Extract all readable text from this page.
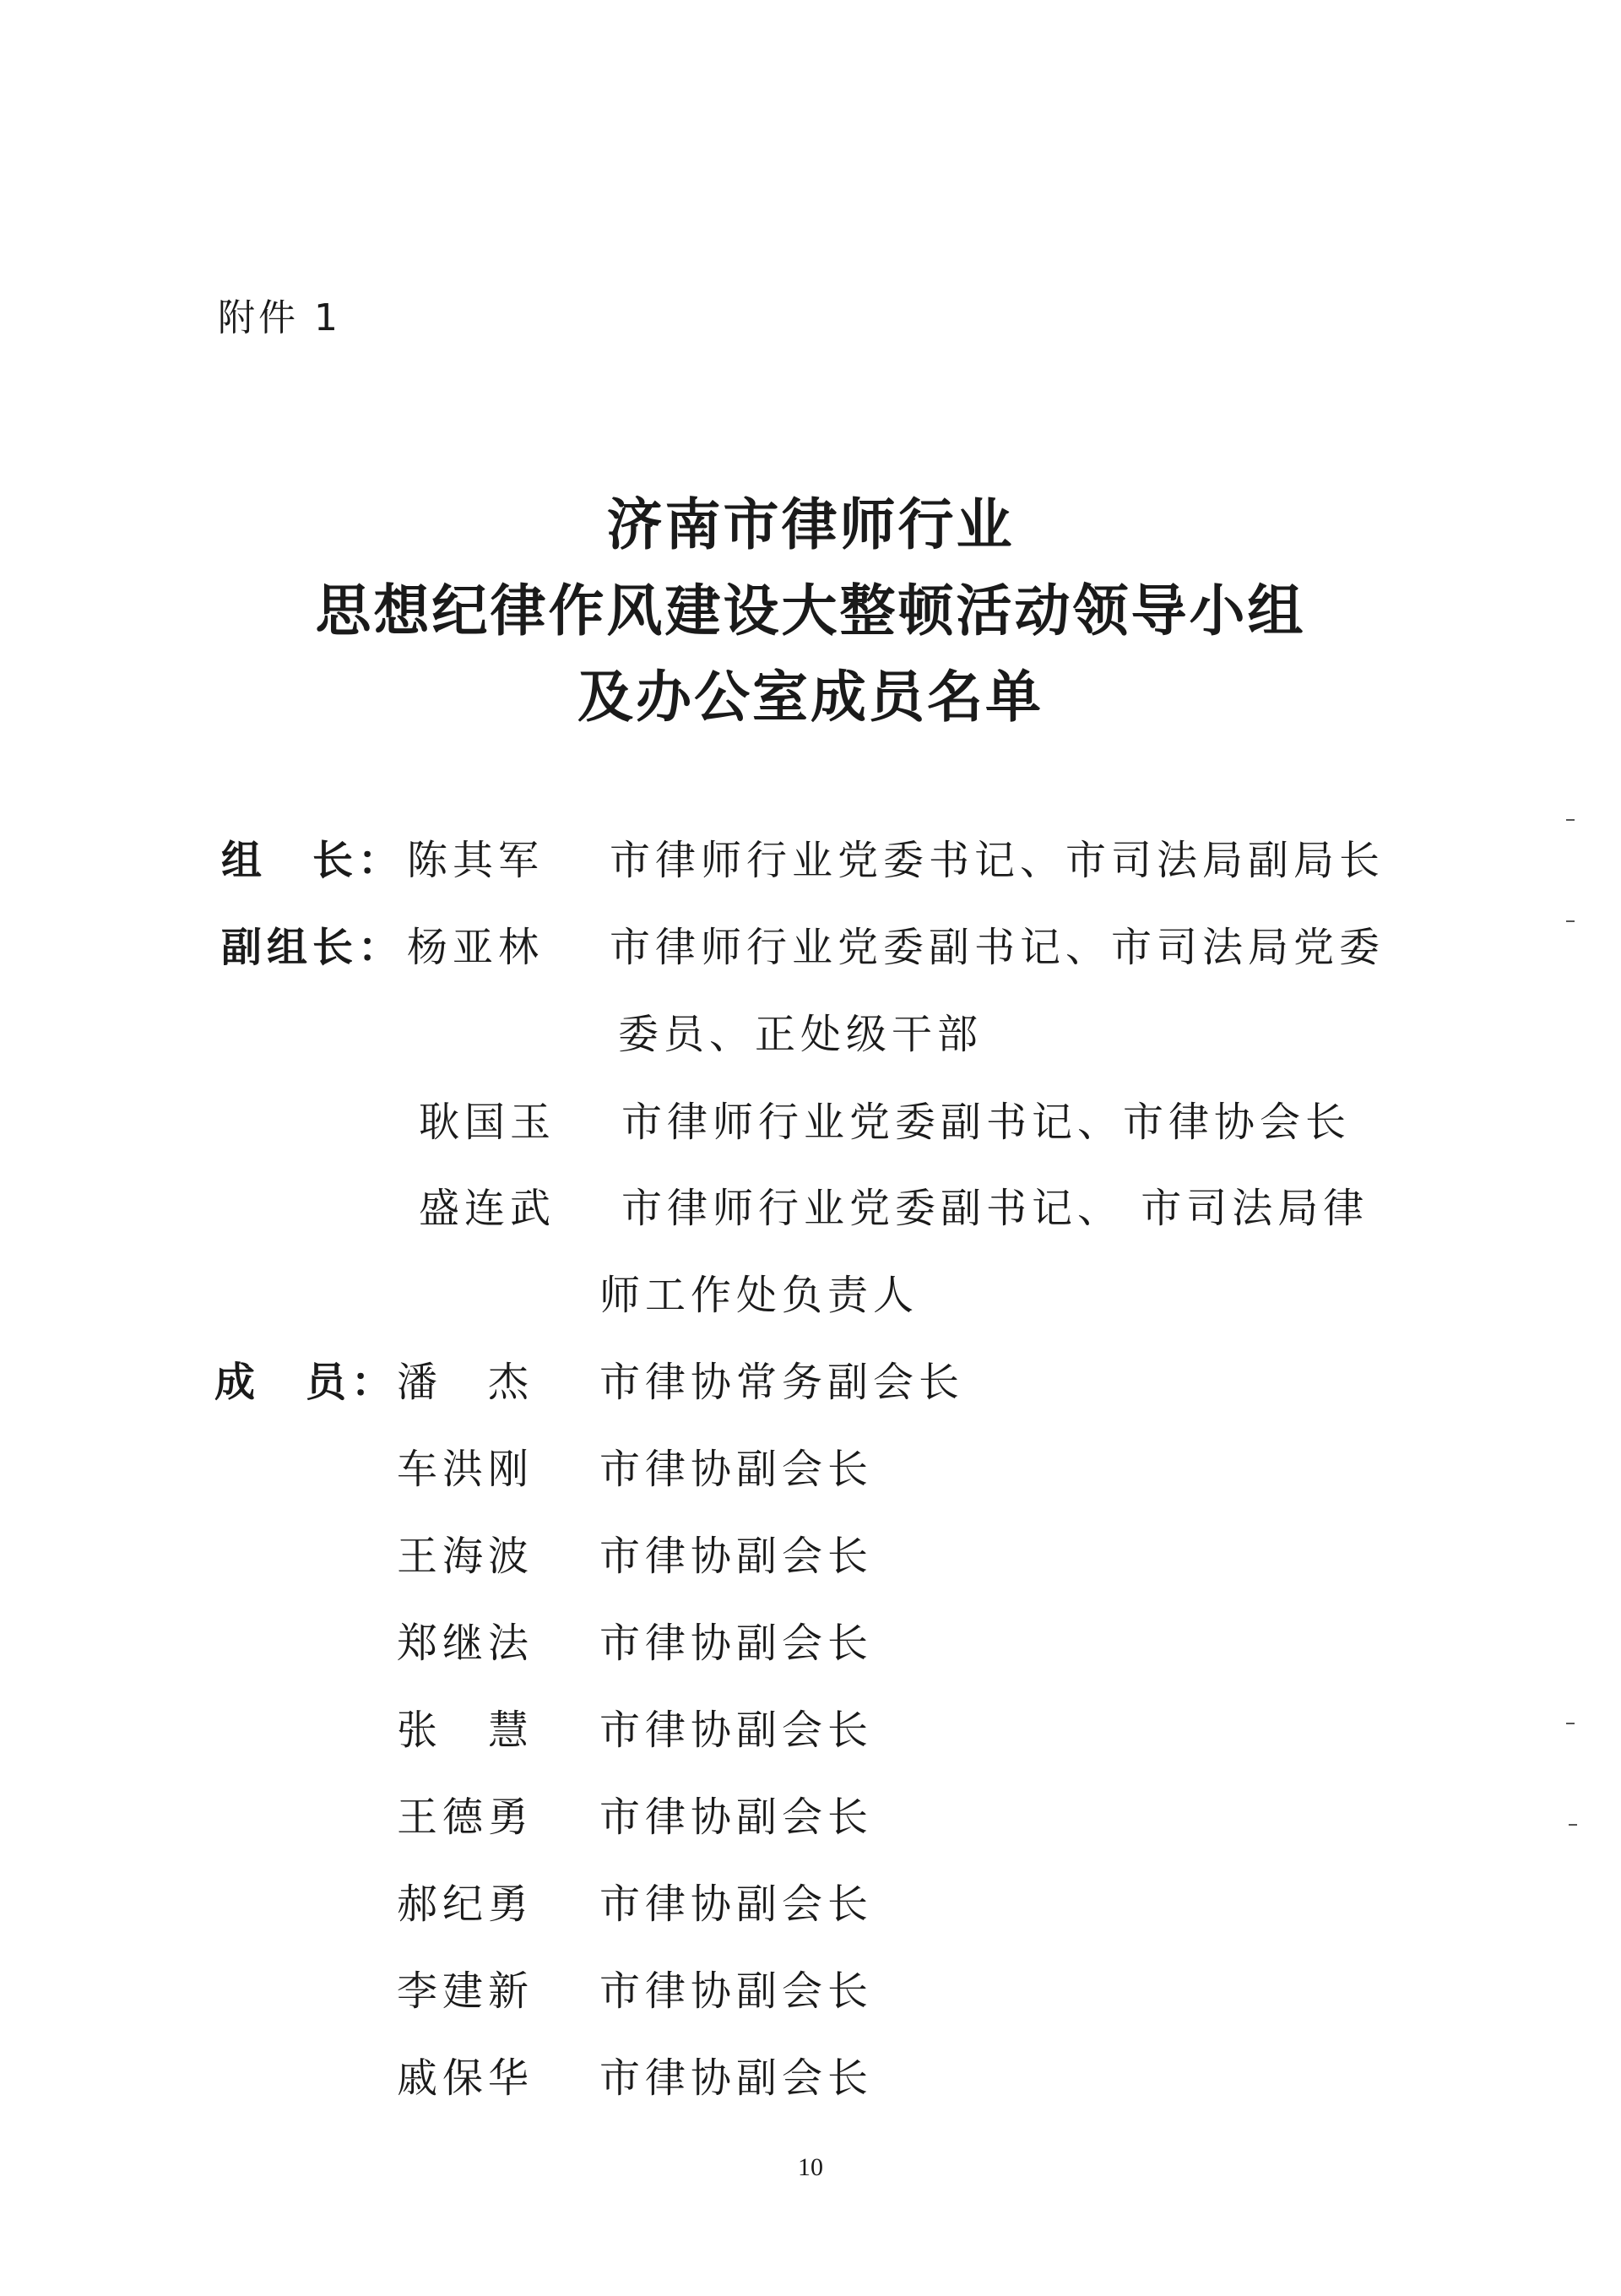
附件 1
济南市律师行业
思想纪律作风建设大整顿活动领导小组
及办公室成员名单
组　长： 陈其军 市律师行业党委书记、市司法局副局长
副组长： 杨亚林 市律师行业党委副书记、市司法局党委
委员、正处级干部
耿国玉 市律师行业党委副书记、市律协会长
盛连武 市律师行业党委副书记、 市司法局律
师工作处负责人
成　员： 潘　杰 市律协常务副会长
车洪刚 市律协副会长
王海波 市律协副会长
郑继法 市律协副会长
张　慧 市律协副会长
王德勇 市律协副会长
郝纪勇 市律协副会长
李建新 市律协副会长
戚保华 市律协副会长
10
